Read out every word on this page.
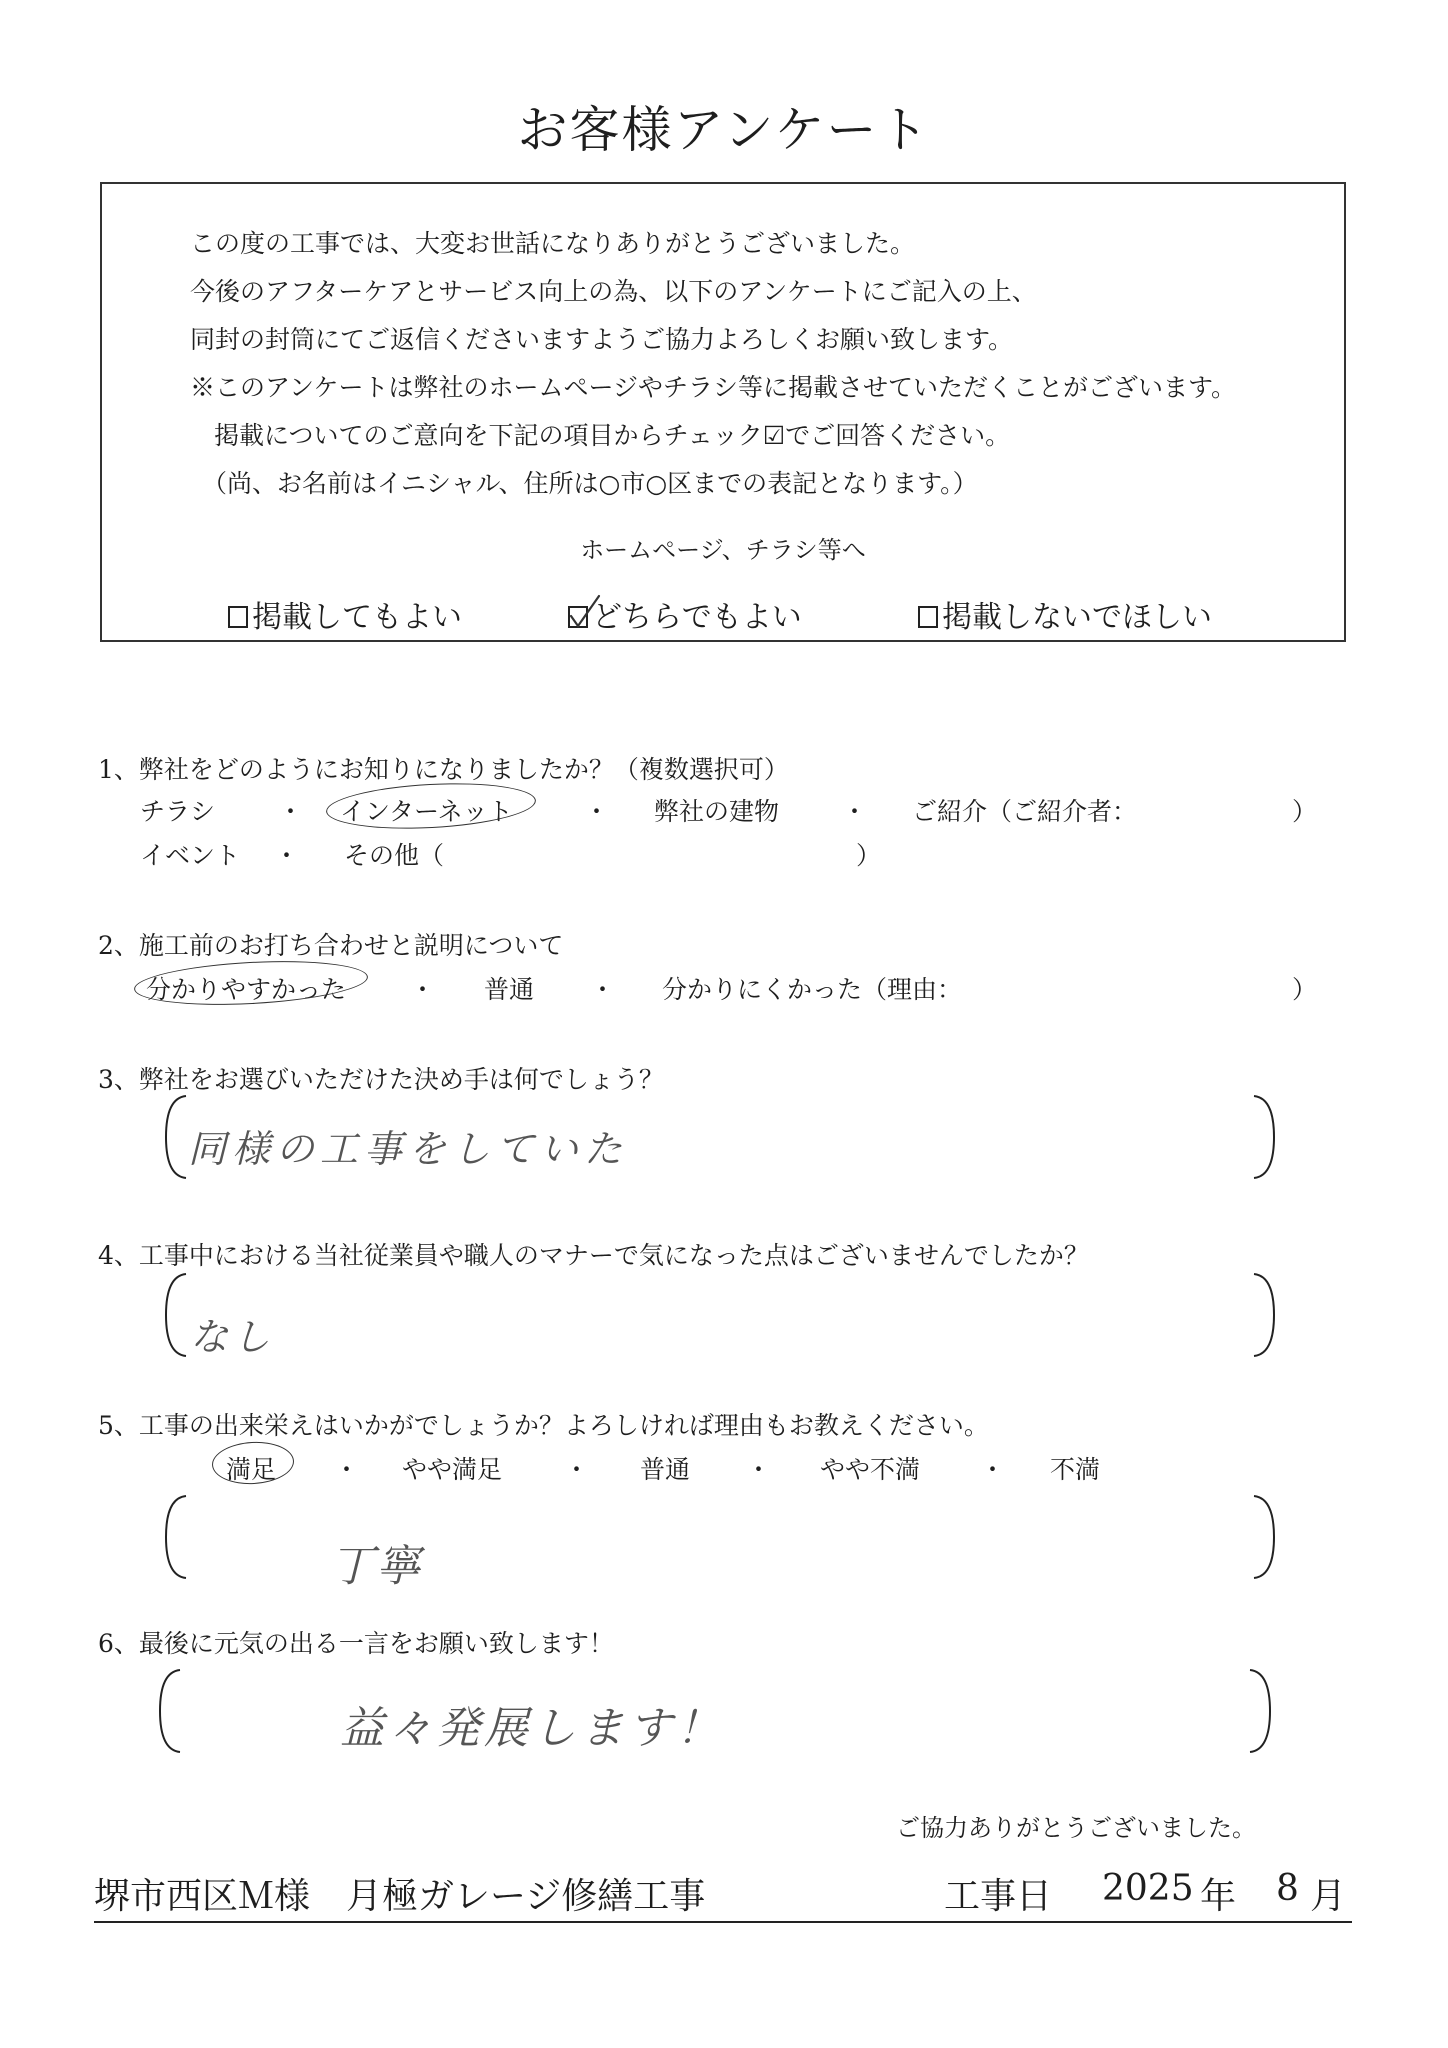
お客様アンケート
この度の工事では、大変お世話になりありがとうございました。
今後のアフターケアとサービス向上の為、以下のアンケートにご記入の上、
同封の封筒にてご返信くださいますようご協力よろしくお願い致します。
※このアンケートは弊社のホームページやチラシ等に掲載させていただくことがございます。
掲載についてのご意向を下記の項目からチェック☑でご回答ください。
（尚、お名前はイニシャル、住所は○市○区までの表記となります。）
ホームページ、チラシ等へ
掲載してもよい	どちらでもよい	掲載しないでほしい
1、弊社をどのようにお知りになりましたか？（複数選択可）
チラシ	・ インターネット	・ 弊社の建物	・ ご紹介（ご紹介者：	）
イベント ・ その他（	）
2、施工前のお打ち合わせと説明について
分かりやすかった	・ 普通 ・ 分かりにくかった（理由：	）
3、弊社をお選びいただけた決め手は何でしょう？
同様の工事をしていた
4、工事中における当社従業員や職人のマナーで気になった点はございませんでしたか？
なし
5、工事の出来栄えはいかがでしょうか？よろしければ理由もお教えください。
満足 ・ やや満足 ・ 普通 ・ やや不満 ・ 不満
丁寧
6、最後に元気の出る一言をお願い致します！
益々発展します！
ご協力ありがとうございました。
堺市西区Ｍ様　月極ガレージ修繕工事	工事日 2025 年 8 月
